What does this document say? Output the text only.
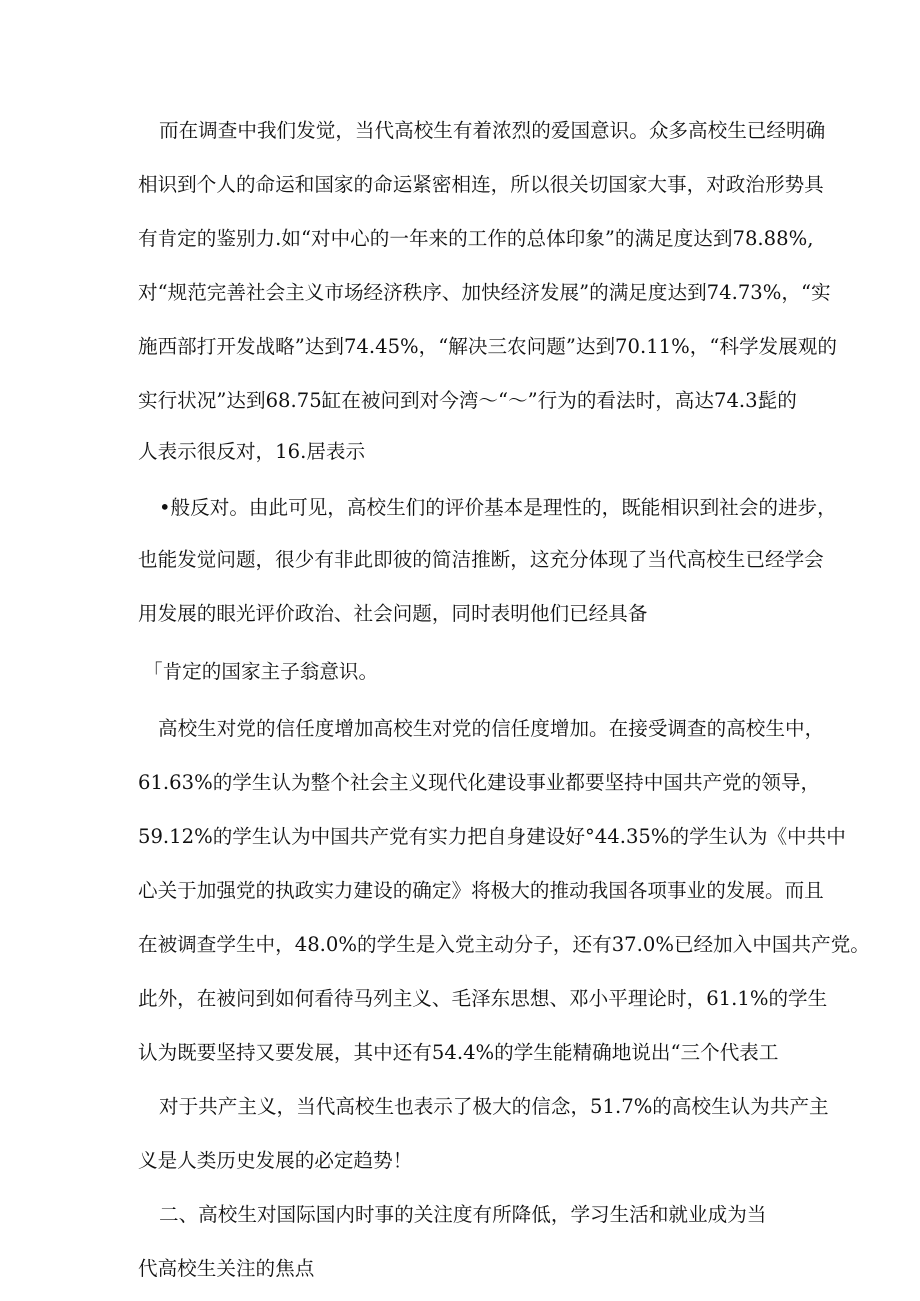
而在调查中我们发觉，当代高校生有着浓烈的爱国意识。众多高校生已经明确
相识到个人的命运和国家的命运紧密相连，所以很关切国家大事，对政治形势具
有肯定的鉴别力.如“对中心的一年来的工作的总体印象”的满足度达到78.88%,
对“规范完善社会主义市场经济秩序、加快经济发展”的满足度达到74.73%，“实
施西部打开发战略”达到74.45%，“解决三农问题”达到70.11%，“科学发展观的
实行状况”达到68.75缸在被问到对今湾～“～”行为的看法时，高达74.3髭的
人表示很反对，16.居表示
•般反对。由此可见，高校生们的评价基本是理性的，既能相识到社会的进步，
也能发觉问题，很少有非此即彼的简洁推断，这充分体现了当代高校生已经学会
用发展的眼光评价政治、社会问题，同时表明他们已经具备
「肯定的国家主子翁意识。
高校生对党的信任度增加高校生对党的信任度增加。在接受调查的高校生中，
61.63%的学生认为整个社会主义现代化建设事业都要坚持中国共产党的领导，
59.12%的学生认为中国共产党有实力把自身建设好°44.35%的学生认为《中共中
心关于加强党的执政实力建设的确定》将极大的推动我国各项事业的发展。而且
在被调查学生中，48.0%的学生是入党主动分子，还有37.0%已经加入中国共产党。
此外，在被问到如何看待马列主义、毛泽东思想、邓小平理论时，61.1%的学生
认为既要坚持又要发展，其中还有54.4%的学生能精确地说出“三个代表工
对于共产主义，当代高校生也表示了极大的信念，51.7%的高校生认为共产主
义是人类历史发展的必定趋势！
二、高校生对国际国内时事的关注度有所降低，学习生活和就业成为当
代高校生关注的焦点
